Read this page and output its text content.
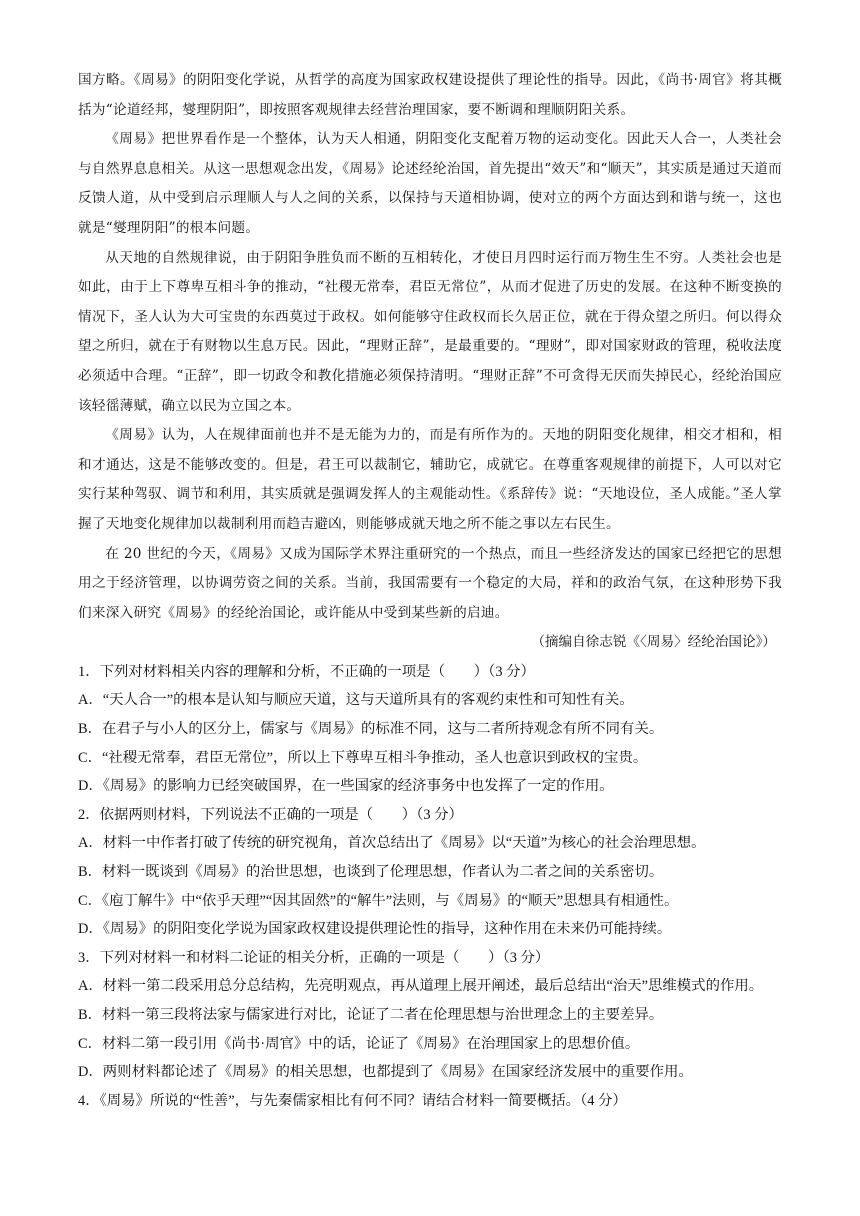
国方略。《周易》的阴阳变化学说，从哲学的高度为国家政权建设提供了理论性的指导。因此，《尚书·周官》将其概括为“论道经邦，燮理阴阳”，即按照客观规律去经营治理国家，要不断调和理顺阴阳关系。

《周易》把世界看作是一个整体，认为天人相通，阴阳变化支配着万物的运动变化。因此天人合一，人类社会与自然界息息相关。从这一思想观念出发，《周易》论述经纶治国，首先提出“效天”和“顺天”，其实质是通过天道而反馈人道，从中受到启示理顺人与人之间的关系，以保持与天道相协调，使对立的两个方面达到和谐与统一，这也就是“燮理阴阳”的根本问题。

从天地的自然规律说，由于阴阳争胜负而不断的互相转化，才使日月四时运行而万物生生不穷。人类社会也是如此，由于上下尊卑互相斗争的推动，“社稷无常奉，君臣无常位”，从而才促进了历史的发展。在这种不断变换的情况下，圣人认为大可宝贵的东西莫过于政权。如何能够守住政权而长久居正位，就在于得众望之所归。何以得众望之所归，就在于有财物以生息万民。因此，“理财正辞”，是最重要的。“理财”，即对国家财政的管理，税收法度必须适中合理。“正辞”，即一切政令和教化措施必须保持清明。“理财正辞”不可贪得无厌而失掉民心，经纶治国应该轻徭薄赋，确立以民为立国之本。

《周易》认为，人在规律面前也并不是无能为力的，而是有所作为的。天地的阴阳变化规律，相交才相和，相和才通达，这是不能够改变的。但是，君王可以裁制它，辅助它，成就它。在尊重客观规律的前提下，人可以对它实行某种驾驭、调节和利用，其实质就是强调发挥人的主观能动性。《系辞传》说：“天地设位，圣人成能。”圣人掌握了天地变化规律加以裁制利用而趋吉避凶，则能够成就天地之所不能之事以左右民生。

在 20 世纪的今天，《周易》又成为国际学术界注重研究的一个热点，而且一些经济发达的国家已经把它的思想用之于经济管理，以协调劳资之间的关系。当前，我国需要有一个稳定的大局，祥和的政治气氛，在这种形势下我们来深入研究《周易》的经纶治国论，或许能从中受到某些新的启迪。

（摘编自徐志锐《〈周易〉经纶治国论》）

1．下列对材料相关内容的理解和分析，不正确的一项是（　　）（3 分）

A．“天人合一”的根本是认知与顺应天道，这与天道所具有的客观约束性和可知性有关。

B．在君子与小人的区分上，儒家与《周易》的标准不同，这与二者所持观念有所不同有关。

C．“社稷无常奉，君臣无常位”，所以上下尊卑互相斗争推动，圣人也意识到政权的宝贵。

D．《周易》的影响力已经突破国界，在一些国家的经济事务中也发挥了一定的作用。

2．依据两则材料，下列说法不正确的一项是（　　）（3 分）

A．材料一中作者打破了传统的研究视角，首次总结出了《周易》以“天道”为核心的社会治理思想。

B．材料一既谈到《周易》的治世思想，也谈到了伦理思想，作者认为二者之间的关系密切。

C．《庖丁解牛》中“依乎天理”“因其固然”的“解牛”法则，与《周易》的“顺天”思想具有相通性。

D．《周易》的阴阳变化学说为国家政权建设提供理论性的指导，这种作用在未来仍可能持续。

3．下列对材料一和材料二论证的相关分析，正确的一项是（　　）（3 分）

A．材料一第二段采用总分总结构，先亮明观点，再从道理上展开阐述，最后总结出“治天”思维模式的作用。

B．材料一第三段将法家与儒家进行对比，论证了二者在伦理思想与治世理念上的主要差异。

C．材料二第一段引用《尚书·周官》中的话，论证了《周易》在治理国家上的思想价值。

D．两则材料都论述了《周易》的相关思想，也都提到了《周易》在国家经济发展中的重要作用。

4．《周易》所说的“性善”，与先秦儒家相比有何不同？请结合材料一简要概括。（4 分）
